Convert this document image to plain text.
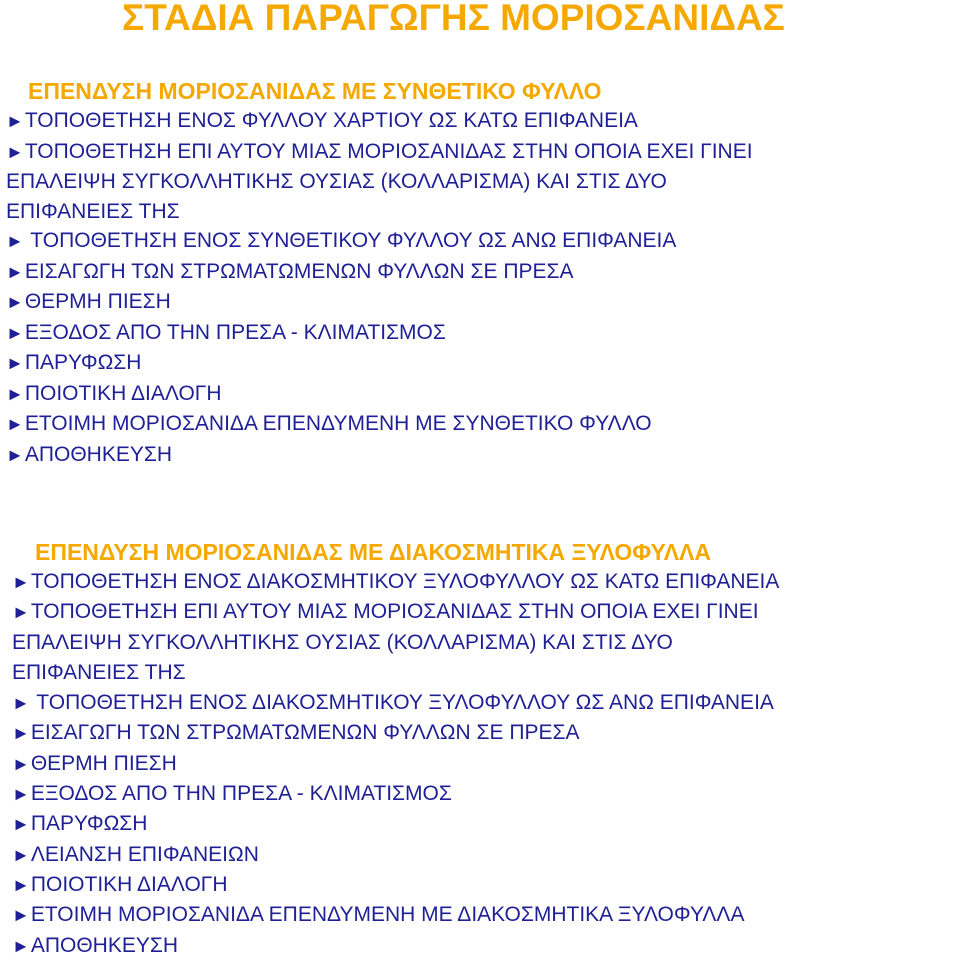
ΣΤΑΔΙΑ ΠΑΡΑΓΩΓΗΣ ΜΟΡΙΟΣΑΝΙΔΑΣ
ΕΠΕΝΔΥΣΗ ΜΟΡΙΟΣΑΝΙΔΑΣ ΜΕ ΣΥΝΘΕΤΙΚΟ ΦΥΛΛΟ
►ΤΟΠΟΘΕΤΗΣΗ ΕΝΟΣ ΦΥΛΛΟΥ ΧΑΡΤΙΟΥ ΩΣ ΚΑΤΩ ΕΠΙΦΑΝΕΙΑ
►ΤΟΠΟΘΕΤΗΣΗ ΕΠΙ ΑΥΤΟΥ ΜΙΑΣ ΜΟΡΙΟΣΑΝΙΔΑΣ ΣΤΗΝ ΟΠΟΙΑ ΕΧΕΙ ΓΙΝΕΙ
ΕΠΑΛΕΙΨΗ ΣΥΓΚΟΛΛΗΤΙΚΗΣ ΟΥΣΙΑΣ (ΚΟΛΛΑΡΙΣΜΑ) ΚΑΙ ΣΤΙΣ ΔΥΟ
ΕΠΙΦΑΝΕΙΕΣ ΤΗΣ
► ΤΟΠΟΘΕΤΗΣΗ ΕΝΟΣ ΣΥΝΘΕΤΙΚΟΥ ΦΥΛΛΟΥ ΩΣ ΑΝΩ ΕΠΙΦΑΝΕΙΑ
►ΕΙΣΑΓΩΓΗ ΤΩΝ ΣΤΡΩΜΑΤΩΜΕΝΩΝ ΦΥΛΛΩΝ ΣΕ ΠΡΕΣΑ
►ΘΕΡΜΗ ΠΙΕΣΗ
►ΕΞΟΔΟΣ ΑΠΟ ΤΗΝ ΠΡΕΣΑ - ΚΛΙΜΑΤΙΣΜΟΣ
►ΠΑΡΥΦΩΣΗ
►ΠΟΙΟΤΙΚΗ ΔΙΑΛΟΓΗ
►ΕΤΟΙΜΗ ΜΟΡΙΟΣΑΝΙΔΑ ΕΠΕΝΔΥΜΕΝΗ ΜΕ ΣΥΝΘΕΤΙΚΟ ΦΥΛΛΟ
►ΑΠΟΘΗΚΕΥΣΗ
ΕΠΕΝΔΥΣΗ ΜΟΡΙΟΣΑΝΙΔΑΣ ΜΕ ΔΙΑΚΟΣΜΗΤΙΚΑ ΞΥΛΟΦΥΛΛΑ
►ΤΟΠΟΘΕΤΗΣΗ ΕΝΟΣ ΔΙΑΚΟΣΜΗΤΙΚΟΥ ΞΥΛΟΦΥΛΛΟΥ ΩΣ ΚΑΤΩ ΕΠΙΦΑΝΕΙΑ
►ΤΟΠΟΘΕΤΗΣΗ ΕΠΙ ΑΥΤΟΥ ΜΙΑΣ ΜΟΡΙΟΣΑΝΙΔΑΣ ΣΤΗΝ ΟΠΟΙΑ ΕΧΕΙ ΓΙΝΕΙ
ΕΠΑΛΕΙΨΗ ΣΥΓΚΟΛΛΗΤΙΚΗΣ ΟΥΣΙΑΣ (ΚΟΛΛΑΡΙΣΜΑ) ΚΑΙ ΣΤΙΣ ΔΥΟ
ΕΠΙΦΑΝΕΙΕΣ ΤΗΣ
► ΤΟΠΟΘΕΤΗΣΗ ΕΝΟΣ ΔΙΑΚΟΣΜΗΤΙΚΟΥ ΞΥΛΟΦΥΛΛΟΥ ΩΣ ΑΝΩ ΕΠΙΦΑΝΕΙΑ
►ΕΙΣΑΓΩΓΗ ΤΩΝ ΣΤΡΩΜΑΤΩΜΕΝΩΝ ΦΥΛΛΩΝ ΣΕ ΠΡΕΣΑ
►ΘΕΡΜΗ ΠΙΕΣΗ
►ΕΞΟΔΟΣ ΑΠΟ ΤΗΝ ΠΡΕΣΑ - ΚΛΙΜΑΤΙΣΜΟΣ
►ΠΑΡΥΦΩΣΗ
►ΛΕΙΑΝΣΗ ΕΠΙΦΑΝΕΙΩΝ
►ΠΟΙΟΤΙΚΗ ΔΙΑΛΟΓΗ
►ΕΤΟΙΜΗ ΜΟΡΙΟΣΑΝΙΔΑ ΕΠΕΝΔΥΜΕΝΗ ΜΕ ΔΙΑΚΟΣΜΗΤΙΚΑ ΞΥΛΟΦΥΛΛΑ
►ΑΠΟΘΗΚΕΥΣΗ
